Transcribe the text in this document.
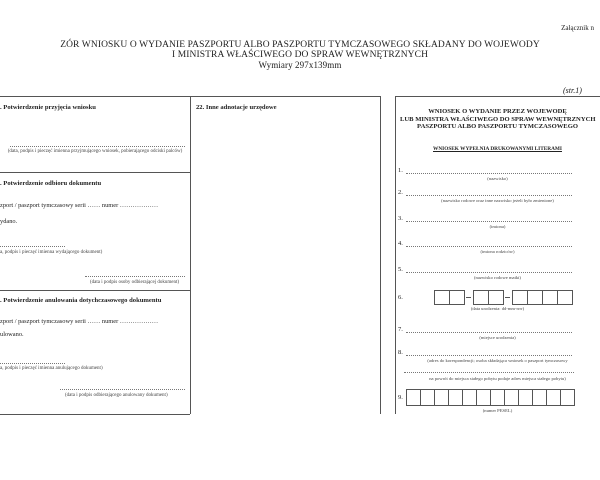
Załącznik n
ZÓR WNIOSKU O WYDANIE PASZPORTU ALBO PASZPORTU TYMCZASOWEGO SKŁADANY DO WOJEWODY
I MINISTRA WŁAŚCIWEGO DO SPRAW WEWNĘTRZNYCH
Wymiary 297x139mm
(str.1)
. Potwierdzenie przyjęcia wniosku
(data, podpis i pieczęć imienna przyjmującego wniosek, pobierającego odciski palców)
. Potwierdzenie odbioru dokumentu
zport / paszport tymczasowy serii …… numer ………………
ydano.
a, podpis i pieczęć imienna wydającego dokument)
(data i podpis osoby odbierającej dokument)
. Potwierdzenie anulowania dotychczasowego dokumentu
zport / paszport tymczasowy serii …… numer ………………
ulowano.
a, podpis i pieczęć imienna anulującego dokument)
(data i podpis odbierającego anulowany dokument)
22. Inne adnotacje urzędowe
WNIOSEK O WYDANIE PRZEZ WOJEWODĘ
LUB MINISTRA WŁAŚCIWEGO DO SPRAW WEWNĘTRZNYCH
PASZPORTU ALBO PASZPORTU TYMCZASOWEGO
WNIOSEK WYPEŁNIA DRUKOWANYMI LITERAMI
1.
(nazwisko)
2.
(nazwisko rodowe oraz inne nazwisko jeżeli było zmienione)
3.
(imiona)
4.
(imiona rodziców)
5.
(nazwisko rodowe matki)
6.
(data urodzenia: dd-mm-rrrr)
7.
(miejsce urodzenia)
8.
(adres do korespondencji; osoba składająca wniosek o paszport tymczasowy
na powrót do miejsca stałego pobytu podaje adres miejsca stałego pobytu)
9.
(numer PESEL)
